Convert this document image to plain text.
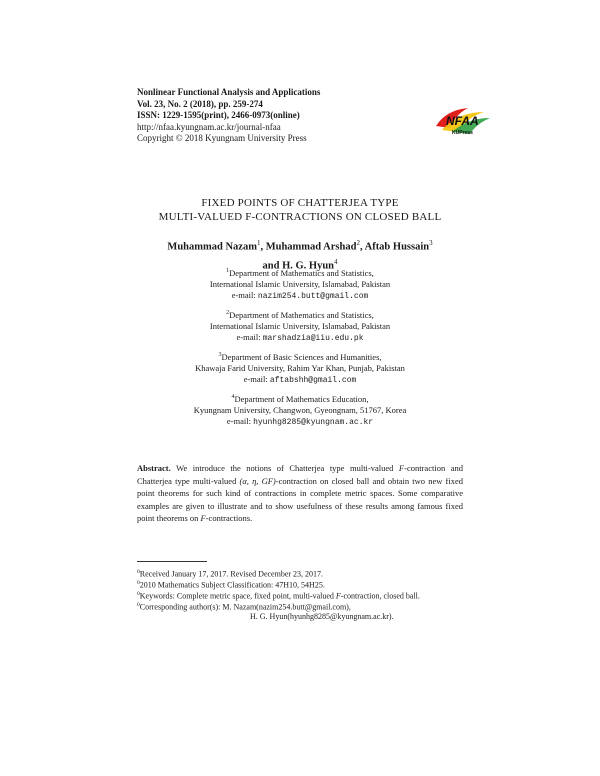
Nonlinear Functional Analysis and Applications
Vol. 23, No. 2 (2018), pp. 259-274
ISSN: 1229-1595(print), 2466-0973(online)
http://nfaa.kyungnam.ac.kr/journal-nfaa
Copyright © 2018 Kyungnam University Press
NFAA
KUPress
FIXED POINTS OF CHATTERJEA TYPE
MULTI-VALUED F-CONTRACTIONS ON CLOSED BALL
Muhammad Nazam$^1$, Muhammad Arshad$^2$, Aftab Hussain$^3$
and H. G. Hyun$^4$
$^1$Department of Mathematics and Statistics,
International Islamic University, Islamabad, Pakistan
e-mail: nazim254.butt@gmail.com
$^2$Department of Mathematics and Statistics,
International Islamic University, Islamabad, Pakistan
e-mail: marshadzia@iiu.edu.pk
$^3$Department of Basic Sciences and Humanities,
Khawaja Farid University, Rahim Yar Khan, Punjab, Pakistan
e-mail: aftabshh@gmail.com
$^4$Department of Mathematics Education,
Kyungnam University, Changwon, Gyeongnam, 51767, Korea
e-mail: hyunhg8285@kyungnam.ac.kr
Abstract. We introduce the notions of Chatterjea type multi-valued F-contraction and Chatterjea type multi-valued (α, η, GF)-contraction on closed ball and obtain two new fixed point theorems for such kind of contractions in complete metric spaces. Some comparative examples are given to illustrate and to show usefulness of these results among famous fixed point theorems on F-contractions.
$^0$Received January 17, 2017. Revised December 23, 2017.
$^0$2010 Mathematics Subject Classification: 47H10, 54H25.
$^0$Keywords: Complete metric space, fixed point, multi-valued F-contraction, closed ball.
$^0$Corresponding author(s): M. Nazam(nazim254.butt@gmail.com),
H. G. Hyun(hyunhg8285@kyungnam.ac.kr).
